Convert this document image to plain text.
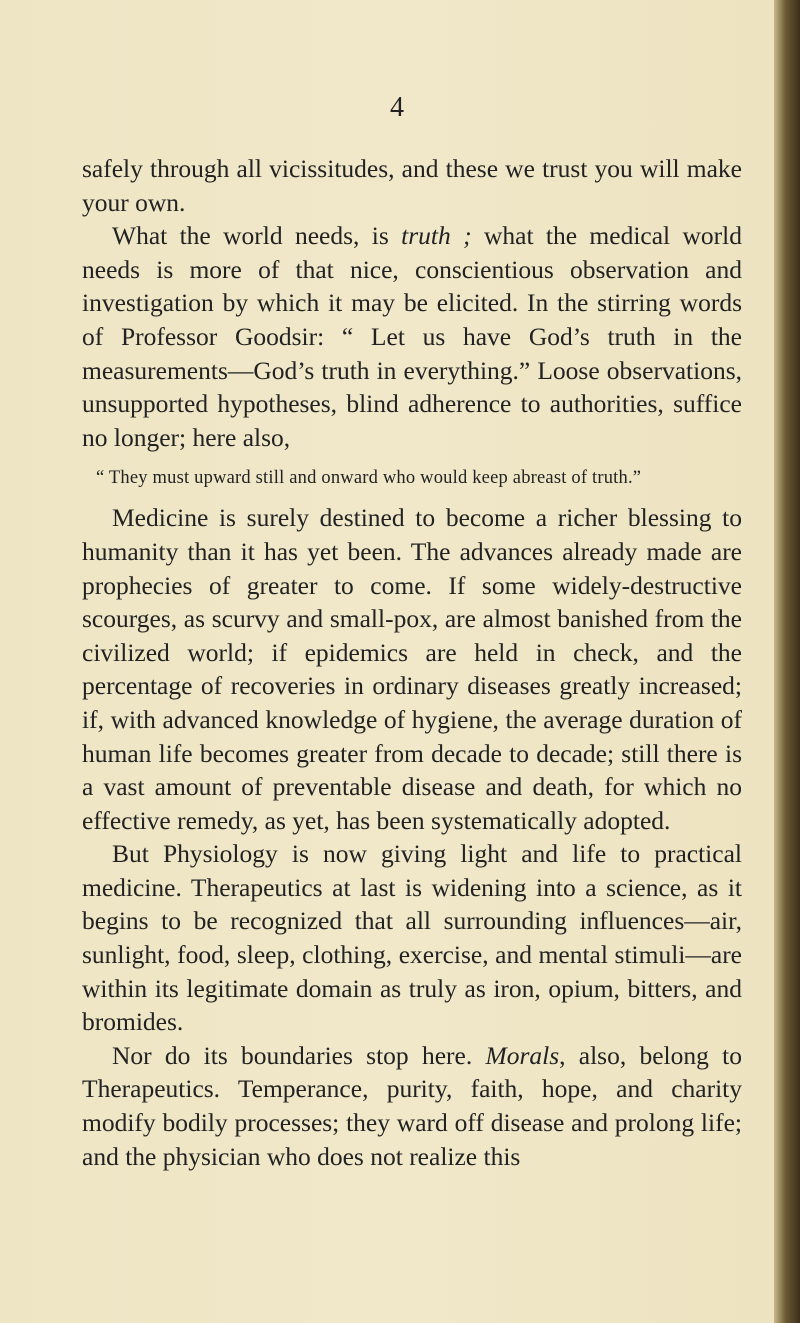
4

safely through all vicissitudes, and these we trust you will make your own.

What the world needs, is truth ; what the medical world needs is more of that nice, conscientious observation and investigation by which it may be elicited. In the stirring words of Professor Goodsir: “ Let us have God’s truth in the measurements—God’s truth in everything.” Loose observations, unsupported hypotheses, blind adherence to authorities, suffice no longer; here also,

“ They must upward still and onward who would keep abreast of truth.”

Medicine is surely destined to become a richer blessing to humanity than it has yet been. The advances already made are prophecies of greater to come. If some widely-destructive scourges, as scurvy and small-pox, are almost banished from the civilized world; if epidemics are held in check, and the percentage of recoveries in ordinary diseases greatly increased; if, with advanced knowledge of hygiene, the average duration of human life becomes greater from decade to decade; still there is a vast amount of preventable disease and death, for which no effective remedy, as yet, has been systematically adopted.

But Physiology is now giving light and life to practical medicine. Therapeutics at last is widening into a science, as it begins to be recognized that all surrounding influences—air, sunlight, food, sleep, clothing, exercise, and mental stimuli—are within its legitimate domain as truly as iron, opium, bitters, and bromides.

Nor do its boundaries stop here. Morals, also, belong to Therapeutics. Temperance, purity, faith, hope, and charity modify bodily processes; they ward off disease and prolong life; and the physician who does not realize this
